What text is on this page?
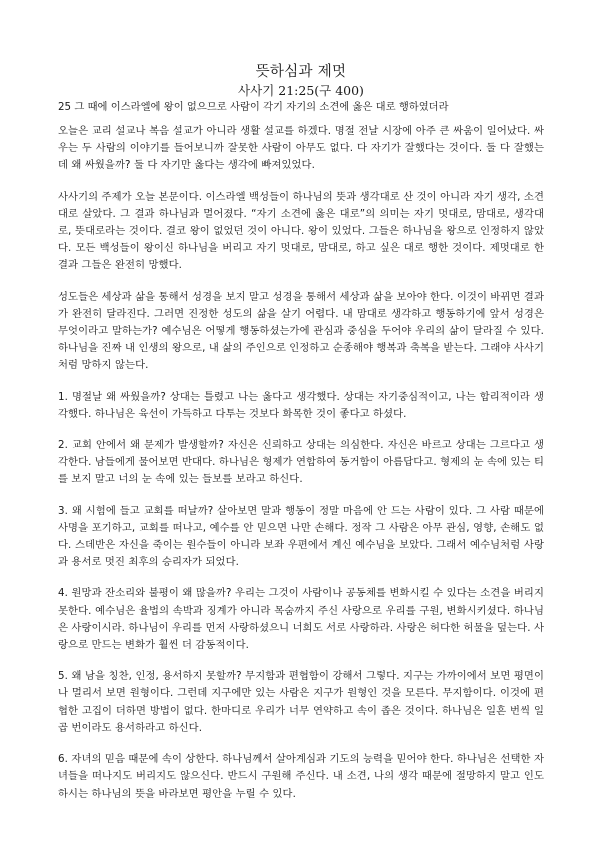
뜻하심과 제멋

사사기 21:25(구 400)

25 그 때에 이스라엘에 왕이 없으므로 사람이 각기 자기의 소견에 옳은 대로 행하였더라

오늘은 교리 설교나 복음 설교가 아니라 생활 설교를 하겠다. 명절 전날 시장에 아주 큰 싸움이 일어났다. 싸우는 두 사람의 이야기를 들어보니까 잘못한 사람이 아무도 없다. 다 자기가 잘했다는 것이다. 둘 다 잘했는데 왜 싸웠을까? 둘 다 자기만 옳다는 생각에 빠져있었다.

사사기의 주제가 오늘 본문이다. 이스라엘 백성들이 하나님의 뜻과 생각대로 산 것이 아니라 자기 생각, 소견대로 살았다. 그 결과 하나님과 멀어졌다. “자기 소견에 옳은 대로”의 의미는 자기 멋대로, 맘대로, 생각대로, 뜻대로라는 것이다. 결코 왕이 없었던 것이 아니다. 왕이 있었다. 그들은 하나님을 왕으로 인정하지 않았다. 모든 백성들이 왕이신 하나님을 버리고 자기 멋대로, 맘대로, 하고 싶은 대로 행한 것이다. 제멋대로 한 결과 그들은 완전히 망했다.

성도들은 세상과 삶을 통해서 성경을 보지 말고 성경을 통해서 세상과 삶을 보아야 한다. 이것이 바뀌면 결과가 완전히 달라진다. 그러면 진정한 성도의 삶을 살기 어렵다. 내 맘대로 생각하고 행동하기에 앞서 성경은 무엇이라고 말하는가? 예수님은 어떻게 행동하셨는가에 관심과 중심을 두어야 우리의 삶이 달라질 수 있다. 하나님을 진짜 내 인생의 왕으로, 내 삶의 주인으로 인정하고 순종해야 행복과 축복을 받는다. 그래야 사사기처럼 망하지 않는다.

1. 명절날 왜 싸웠을까? 상대는 틀렸고 나는 옳다고 생각했다. 상대는 자기중심적이고, 나는 합리적이라 생각했다. 하나님은 육선이 가득하고 다투는 것보다 화목한 것이 좋다고 하셨다.

2. 교회 안에서 왜 문제가 발생할까? 자신은 신뢰하고 상대는 의심한다. 자신은 바르고 상대는 그르다고 생각한다. 남들에게 물어보면 반대다. 하나님은 형제가 연합하여 동거함이 아름답다고. 형제의 눈 속에 있는 티를 보지 말고 너의 눈 속에 있는 들보를 보라고 하신다.

3. 왜 시험에 들고 교회를 떠날까? 살아보면 말과 행동이 정말 마음에 안 드는 사람이 있다. 그 사람 때문에 사명을 포기하고, 교회를 떠나고, 예수를 안 믿으면 나만 손해다. 정작 그 사람은 아무 관심, 영향, 손해도 없다. 스데반은 자신을 죽이는 원수들이 아니라 보좌 우편에서 계신 예수님을 보았다. 그래서 예수님처럼 사랑과 용서로 멋진 최후의 승리자가 되었다.

4. 원망과 잔소리와 불평이 왜 많을까? 우리는 그것이 사람이나 공동체를 변화시킬 수 있다는 소견을 버리지 못한다. 예수님은 율법의 속박과 징계가 아니라 목숨까지 주신 사랑으로 우리를 구원, 변화시키셨다. 하나님은 사랑이시라. 하나님이 우리를 먼저 사랑하셨으니 너희도 서로 사랑하라. 사랑은 허다한 허물을 덮는다. 사랑으로 만드는 변화가 훨씬 더 감동적이다.

5. 왜 남을 칭찬, 인정, 용서하지 못할까? 무지함과 편협함이 강해서 그렇다. 지구는 가까이에서 보면 평면이나 멀리서 보면 원형이다. 그런데 지구에만 있는 사람은 지구가 원형인 것을 모른다. 무지함이다. 이것에 편협한 고집이 더하면 방법이 없다. 한마디로 우리가 너무 연약하고 속이 좁은 것이다. 하나님은 일흔 번씩 일곱 번이라도 용서하라고 하신다.

6. 자녀의 믿음 때문에 속이 상한다. 하나님께서 살아계심과 기도의 능력을 믿어야 한다. 하나님은 선택한 자녀들을 떠나지도 버리지도 않으신다. 반드시 구원해 주신다. 내 소견, 나의 생각 때문에 절망하지 말고 인도하시는 하나님의 뜻을 바라보면 평안을 누릴 수 있다.
